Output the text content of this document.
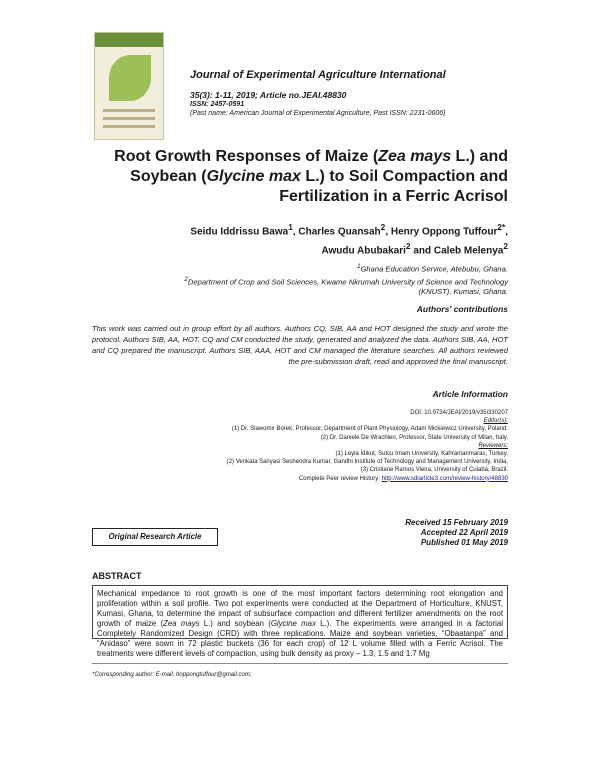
Journal of Experimental Agriculture International
35(3): 1-11, 2019; Article no.JEAI.48830
ISSN: 2457-0591
(Past name: American Journal of Experimental Agriculture, Past ISSN: 2231-0606)
Root Growth Responses of Maize (Zea mays L.) and
Soybean (Glycine max L.) to Soil Compaction and
Fertilization in a Ferric Acrisol
Seidu Iddrissu Bawa$^1$, Charles Quansah$^2$, Henry Oppong Tuffour$^{2*}$,
Awudu Abubakari$^2$ and Caleb Melenya$^2$
$^1$Ghana Education Service, Atebubu, Ghana.
$^2$Department of Crop and Soil Sciences, Kwame Nkrumah University of Science and Technology
(KNUST), Kumasi, Ghana.
Authors' contributions
This work was carried out in group effort by all authors. Authors CQ, SIB, AA and HOT designed the study and wrote the protocol. Authors SIB, AA, HOT, CQ and CM conducted the study, generated and analyzed the data. Authors SIB, AA, HOT and CQ prepared the manuscript. Authors SIB, AAA, HOT and CM managed the literature searches. All authors reviewed the pre-submission draft, read and approved the final manuscript.
Article Information
DOI: 10.9734/JEAI/2019/v35i330207
Editor(s):
(1) Dr. Slawomir Borek, Professor, Department of Plant Physiology, Adam Mickiewicz University, Poland.
(2) Dr. Daniele De Wrachien, Professor, State University of Milan, Italy.
Reviewers:
(1) Leyla İdikut, Sutcu Imam University, Kahramanmaras, Turkey.
(2) Venkata Sanyasi Seshendra Kumar, Gandhi Institute of Technology and Management University, India.
(3) Cristiane Ramos Vieira, University of Cuiabá, Brazil.
Complete Peer review History: http://www.sdiarticle3.com/review-history/48830
Original Research Article
Received 15 February 2019
Accepted 22 April 2019
Published 01 May 2019
ABSTRACT
Mechanical impedance to root growth is one of the most important factors determining root elongation and proliferation within a soil profile. Two pot experiments were conducted at the Department of Horticulture, KNUST, Kumasi, Ghana, to determine the impact of subsurface compaction and different fertilizer amendments on the root growth of maize (Zea mays L.) and soybean (Glycine max L.). The experiments were arranged in a factorial Completely Randomized Design (CRD) with three replications. Maize and soybean varieties, “Obaatanpa” and “Anidaso” were sown in 72 plastic buckets (36 for each crop) of 12 L volume filled with a Ferric Acrisol. The treatments were different levels of compaction, using bulk density as proxy – 1.3, 1.5 and 1.7 Mg
*Corresponding author: E-mail: hoppongtuffour@gmail.com;
